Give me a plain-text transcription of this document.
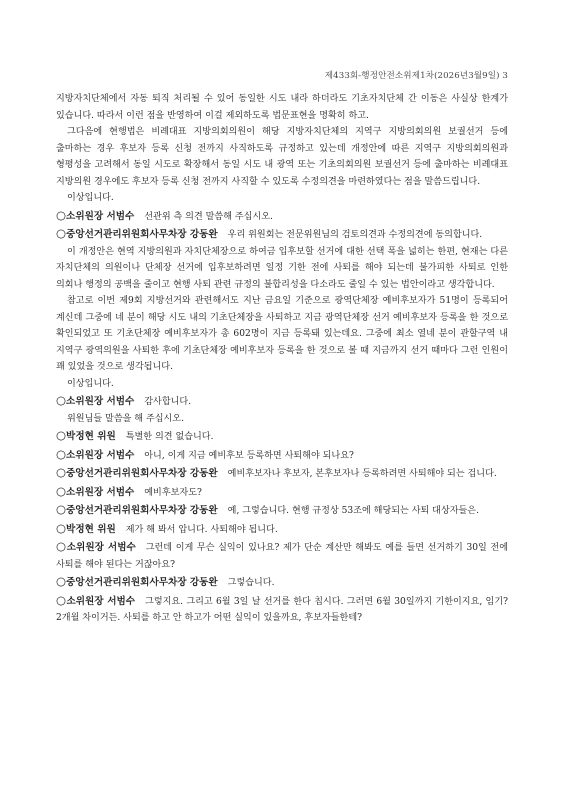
제433회-행정안전소위제1차(2026년3월9일) 3

지방자치단체에서 자동 퇴직 처리될 수 있어 동일한 시도 내라 하더라도 기초자치단체 간 이동은 사실상 한계가 있습니다. 따라서 이런 점을 반영하여 이걸 제외하도록 법문표현을 명확히 하고.

그다음에 현행법은 비례대표 지방의회의원이 해당 지방자치단체의 지역구 지방의회의원 보궐선거 등에 출마하는 경우 후보자 등록 신청 전까지 사직하도록 규정하고 있는데 개정안에 따른 지역구 지방의회의원과 형평성을 고려해서 동일 시도로 확장해서 동일 시도 내 광역 또는 기초의회의원 보궐선거 등에 출마하는 비례대표 지방의원 경우에도 후보자 등록 신청 전까지 사직할 수 있도록 수정의견을 마련하였다는 점을 말씀드립니다.

이상입니다.

○소위원장 서범수 선관위 측 의견 말씀해 주십시오.

○중앙선거관리위원회사무차장 강동완 우리 위원회는 전문위원님의 검토의견과 수정의견에 동의합니다.

이 개정안은 현역 지방의원과 자치단체장으로 하여금 입후보할 선거에 대한 선택 폭을 넓히는 한편, 현재는 다른 자치단체의 의원이나 단체장 선거에 입후보하려면 일정 기한 전에 사퇴를 해야 되는데 불가피한 사퇴로 인한 의회나 행정의 공백을 줄이고 현행 사퇴 관련 규정의 불합리성을 다소라도 줄일 수 있는 법안이라고 생각합니다.

참고로 이번 제9회 지방선거와 관련해서도 지난 금요일 기준으로 광역단체장 예비후보자가 51명이 등록되어 계신데 그중에 네 분이 해당 시도 내의 기초단체장을 사퇴하고 지금 광역단체장 선거 예비후보자 등록을 한 것으로 확인되었고 또 기초단체장 예비후보자가 총 602명이 지금 등록돼 있는데요. 그중에 최소 열네 분이 관할구역 내 지역구 광역의원을 사퇴한 후에 기초단체장 예비후보자 등록을 한 것으로 볼 때 지금까지 선거 때마다 그런 인원이 꽤 있었을 것으로 생각됩니다.

이상입니다.

○소위원장 서범수 감사합니다.

위원님들 말씀을 해 주십시오.

○박정현 위원 특별한 의견 없습니다.

○소위원장 서범수 아니, 이게 지금 예비후보 등록하면 사퇴해야 되나요?

○중앙선거관리위원회사무차장 강동완 예비후보자나 후보자, 본후보자나 등록하려면 사퇴해야 되는 겁니다.

○소위원장 서범수 예비후보자도?

○중앙선거관리위원회사무차장 강동완 예, 그렇습니다. 현행 규정상 53조에 해당되는 사퇴 대상자들은.

○박정현 위원 제가 해 봐서 압니다. 사퇴해야 됩니다.

○소위원장 서범수 그런데 이게 무슨 실익이 있나요? 제가 단순 계산만 해봐도 예를 들면 선거하기 30일 전에 사퇴를 해야 된다는 거잖아요?

○중앙선거관리위원회사무차장 강동완 그렇습니다.

○소위원장 서범수 그렇지요. 그리고 6월 3일 날 선거를 한다 칩시다. 그러면 6월 30일까지 기한이지요, 임기? 2개월 차이거든. 사퇴를 하고 안 하고가 어떤 실익이 있을까요, 후보자들한테?
